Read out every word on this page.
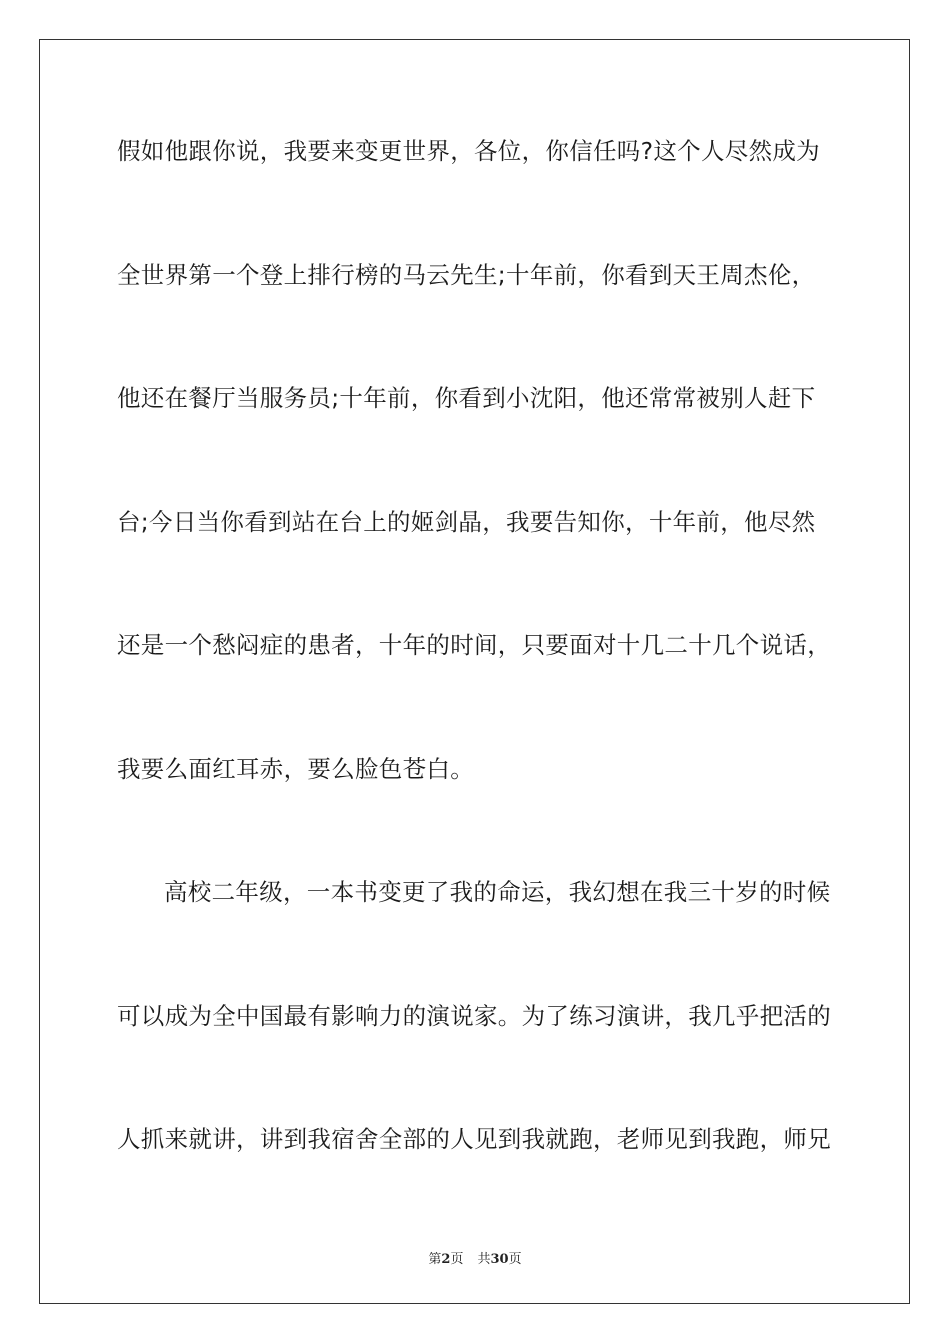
假如他跟你说，我要来变更世界，各位，你信任吗?这个人尽然成为
全世界第一个登上排行榜的马云先生;十年前，你看到天王周杰伦，
他还在餐厅当服务员;十年前，你看到小沈阳，他还常常被别人赶下
台;今日当你看到站在台上的姬剑晶，我要告知你，十年前，他尽然
还是一个愁闷症的患者，十年的时间，只要面对十几二十几个说话，
我要么面红耳赤，要么脸色苍白。
高校二年级，一本书变更了我的命运，我幻想在我三十岁的时候
可以成为全中国最有影响力的演说家。为了练习演讲，我几乎把活的
人抓来就讲，讲到我宿舍全部的人见到我就跑，老师见到我跑，师兄
第2页 共30页
